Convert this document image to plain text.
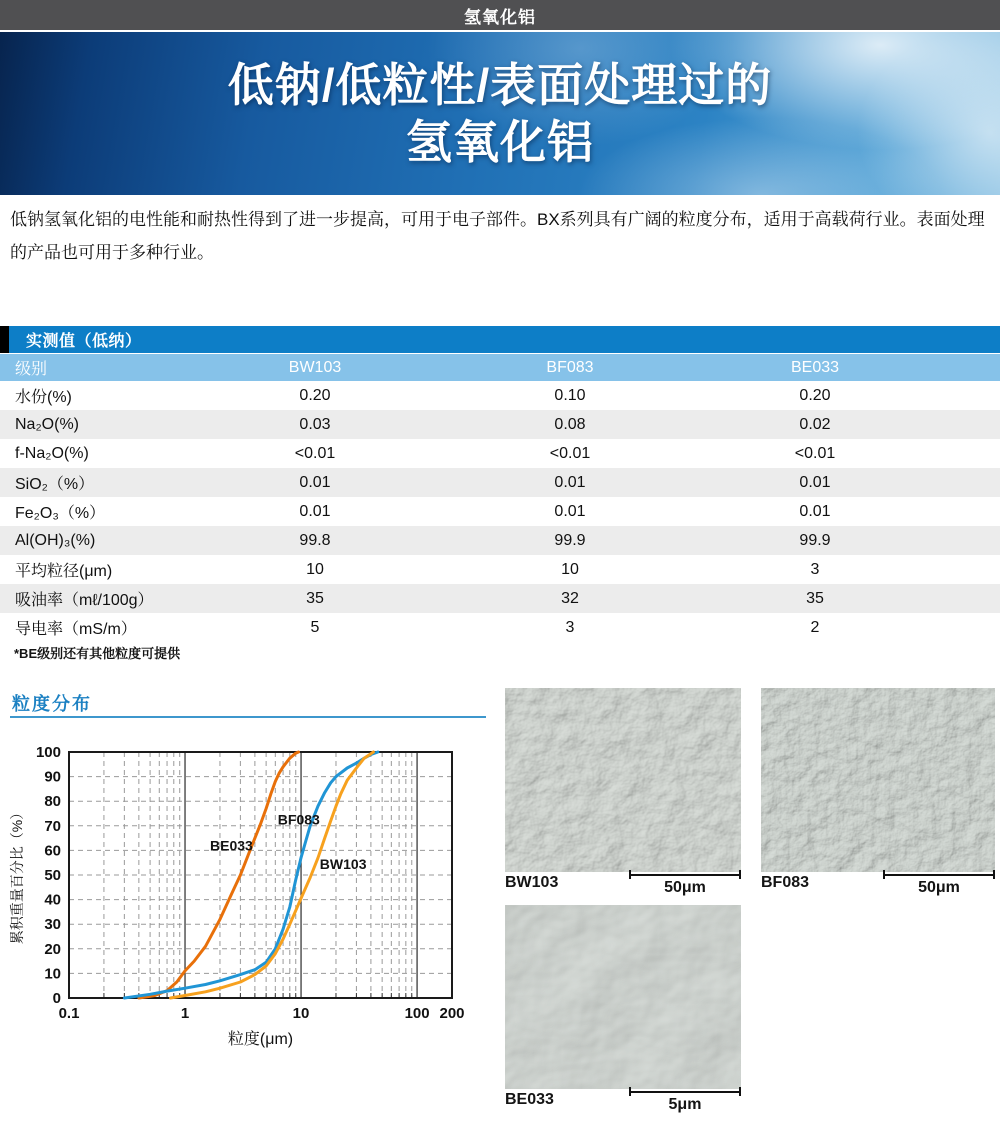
氢氧化铝
低钠/低粒性/表面处理过的
氢氧化铝
低钠氢氧化铝的电性能和耐热性得到了进一步提高，可用于电子部件。BX系列具有广阔的粒度分布，适用于高载荷行业。表面处理的产品也可用于多种行业。
实测值（低纳）
级别	BW103	BF083	BE033
水份(%)	0.20	0.10	0.20
Na₂O(%)	0.03	0.08	0.02
f-Na₂O(%)	<0.01	<0.01	<0.01
SiO₂（%）	0.01	0.01	0.01
Fe₂O₃（%）	0.01	0.01	0.01
Al(OH)₃(%)	99.8	99.9	99.9
平均粒径(μm)	10	10	3
吸油率（mℓ/100g）	35	32	35
导电率（mS/m）	5	3	2
*BE级别还有其他粒度可提供
粒度分布
BE033
BF083
BW103
0.1	1	10	100 200
0
10
20
30
40
50
60
70
80
90
100
粒度(μm)
累积重量百分比（%）	BW103	50μm	BF083	50μm
BE033	5μm
